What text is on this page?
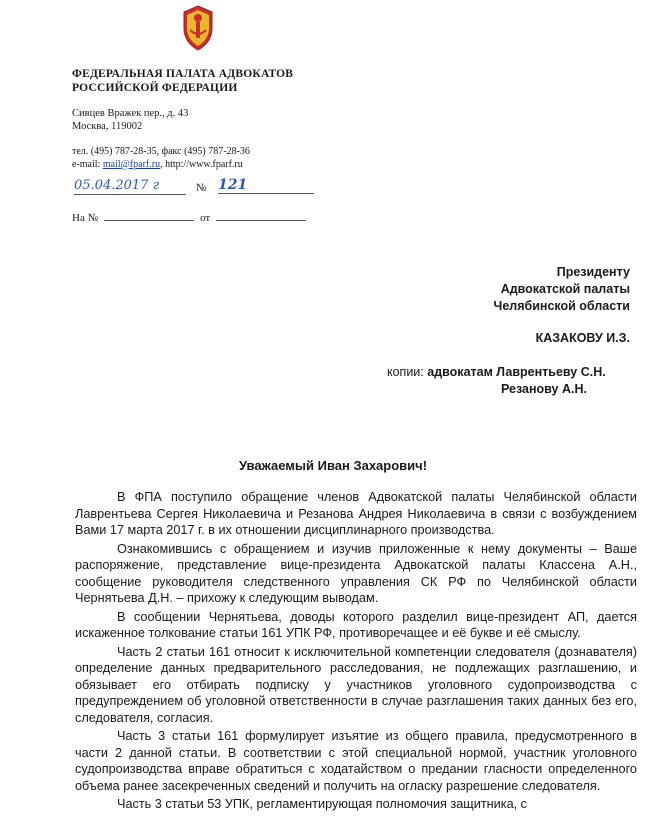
ФЕДЕРАЛЬНАЯ ПАЛАТА АДВОКАТОВ
РОССИЙСКОЙ ФЕДЕРАЦИИ
Сивцев Вражек пер., д. 43
Москва, 119002
тел. (495) 787-28-35, факс (495) 787-28-36
e-mail: mail@fparf.ru, http://www.fparf.ru
05.04.2017 г	№ 121
На №	от
Президенту
Адвокатской палаты
Челябинской области
КАЗАКОВУ И.З.
копии: адвокатам Лаврентьеву С.Н.
Резанову А.Н.
Уважаемый Иван Захарович!

В ФПА поступило обращение членов Адвокатской палаты Челябинской области Лаврентьева Сергея Николаевича и Резанова Андрея Николаевича в связи с возбуждением Вами 17 марта 2017 г. в их отношении дисциплинарного производства.

Ознакомившись с обращением и изучив приложенные к нему документы – Ваше распоряжение, представление вице-президента Адвокатской палаты Классена А.Н., сообщение руководителя следственного управления СК РФ по Челябинской области Чернятьева Д.Н. – прихожу к следующим выводам.

В сообщении Чернятьева, доводы которого разделил вице-президент АП, дается искаженное толкование статьи 161 УПК РФ, противоречащее и её букве и её смыслу.

Часть 2 статьи 161 относит к исключительной компетенции следователя (дознавателя) определение данных предварительного расследования, не подлежащих разглашению, и обязывает его отбирать подписку у участников уголовного судопроизводства с предупреждением об уголовной ответственности в случае разглашения таких данных без его, следователя, согласия.

Часть 3 статьи 161 формулирует изъятие из общего правила, предусмотренного в части 2 данной статьи. В соответствии с этой специальной нормой, участник уголовного судопроизводства вправе обратиться с ходатайством о предании гласности определенного объема ранее засекреченных сведений и получить на огласку разрешение следователя.

Часть 3 статьи 53 УПК, регламентирующая полномочия защитника, с
